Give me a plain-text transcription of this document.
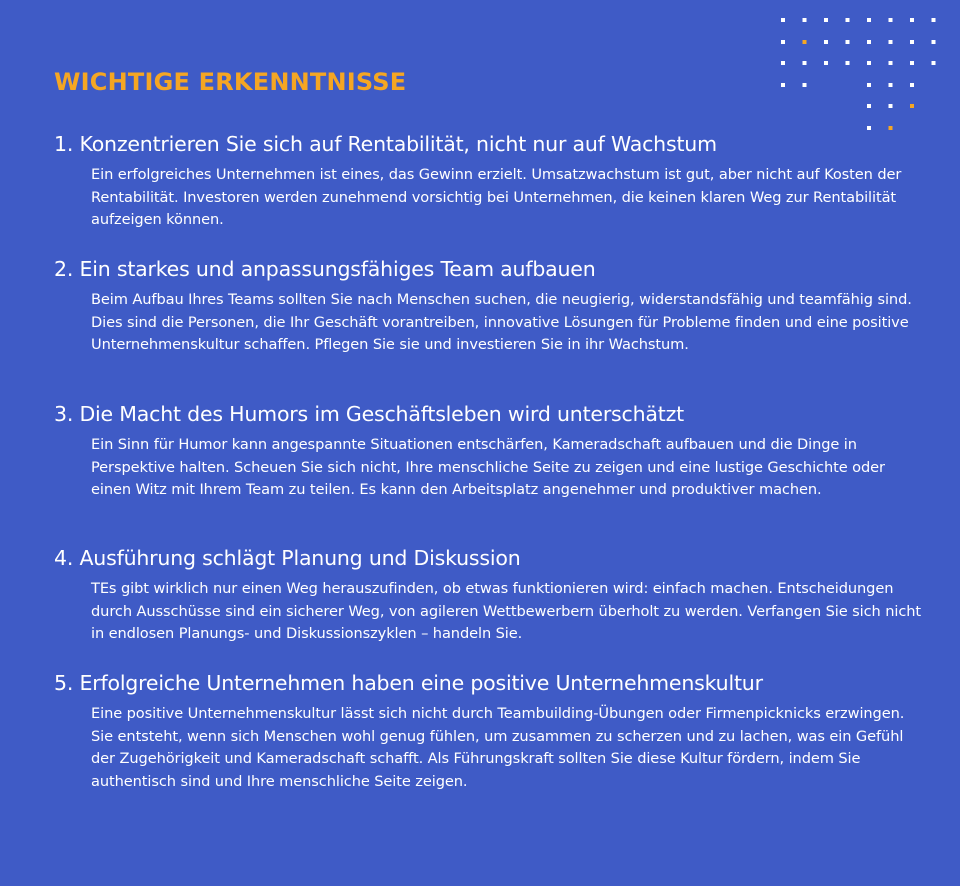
WICHTIGE ERKENNTNISSE
1. Konzentrieren Sie sich auf Rentabilität, nicht nur auf Wachstum

Ein erfolgreiches Unternehmen ist eines, das Gewinn erzielt. Umsatzwachstum ist gut, aber nicht auf Kosten der Rentabilität. Investoren werden zunehmend vorsichtig bei Unternehmen, die keinen klaren Weg zur Rentabilität aufzeigen können.

2. Ein starkes und anpassungsfähiges Team aufbauen

Beim Aufbau Ihres Teams sollten Sie nach Menschen suchen, die neugierig, widerstandsfähig und teamfähig sind. Dies sind die Personen, die Ihr Geschäft vorantreiben, innovative Lösungen für Probleme finden und eine positive Unternehmenskultur schaffen. Pflegen Sie sie und investieren Sie in ihr Wachstum.

3. Die Macht des Humors im Geschäftsleben wird unterschätzt

Ein Sinn für Humor kann angespannte Situationen entschärfen, Kameradschaft aufbauen und die Dinge in Perspektive halten. Scheuen Sie sich nicht, Ihre menschliche Seite zu zeigen und eine lustige Geschichte oder einen Witz mit Ihrem Team zu teilen. Es kann den Arbeitsplatz angenehmer und produktiver machen.

4. Ausführung schlägt Planung und Diskussion

TEs gibt wirklich nur einen Weg herauszufinden, ob etwas funktionieren wird: einfach machen. Entscheidungen durch Ausschüsse sind ein sicherer Weg, von agileren Wettbewerbern überholt zu werden. Verfangen Sie sich nicht in endlosen Planungs- und Diskussionszyklen – handeln Sie.

5. Erfolgreiche Unternehmen haben eine positive Unternehmenskultur

Eine positive Unternehmenskultur lässt sich nicht durch Teambuilding-Übungen oder Firmenpicknicks erzwingen. Sie entsteht, wenn sich Menschen wohl genug fühlen, um zusammen zu scherzen und zu lachen, was ein Gefühl der Zugehörigkeit und Kameradschaft schafft. Als Führungskraft sollten Sie diese Kultur fördern, indem Sie authentisch sind und Ihre menschliche Seite zeigen.
